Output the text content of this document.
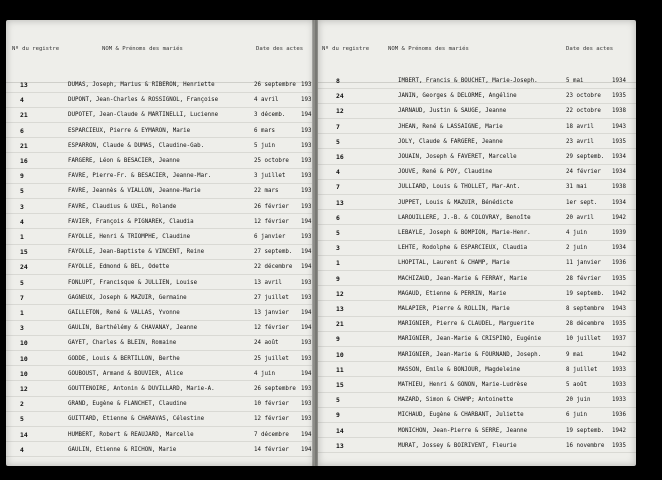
Nº du registre	NOM & Prénoms des mariés	Date des actes
13	DUMAS, Joseph, Marius & RIBERON, Henriette	26 septembre 193
4	DUPONT, Jean-Charles & ROSSIGNOL, Françoise	4 avril	193
21	DUPOTET, Jean-Claude & MARTINELLI, Lucienne	3 décemb.	194
6	ESPARCIEUX, Pierre & EYMARON, Marie	6 mars	193
21	ESPARRON, Claude & DUMAS, Claudine-Gab.	5 juin	193
16	FARGERE, Léon & BESACIER, Jeanne	25 octobre 193
9	FAVRE, Pierre-Fr. & BESACIER, Jeanne-Mar.	3 juillet	193
5	FAVRE, Jeannès & VIALLON, Jeanne-Marie	22 mars	193
3	FAVRE, Claudius & UXEL, Rolande	26 février 193
4	FAVIER, François & PIGNAREK, Claudia	12 février 194
1	FAYOLLE, Henri & TRIOMPHE, Claudine	6 janvier	193
15	FAYOLLE, Jean-Baptiste & VINCENT, Reine	27 septemb. 194
24	FAYOLLE, Edmond & BEL, Odette	22 décembre 194
5	FONLUPT, Francisque & JULLIEN, Louise	13 avril	193
7	GAGNEUX, Joseph & MAZUIR, Germaine	27 juillet 193
1	GAILLETON, René & VALLAS, Yvonne	13 janvier 194
3	GAULIN, Barthélémy & CHAVANAY, Jeanne	12 février 194
10	GAYET, Charles & BLEIN, Romaine	24 août	193
10	GODDE, Louis & BERTILLON, Berthe	25 juillet 193
10	GOUBOUST, Armand & BOUVIER, Alice	4 juin	194
12	GOUTTENOIRE, Antonin & DUVILLARD, Marie-A.	26 septembre 193
2	GRAND, Eugène & FLANCHET, Claudine	10 février 193
5	GUITTARD, Etienne & CHARAVAS, Célestine	12 février 193
14	HUMBERT, Robert & REAUJARD, Marcelle	7 décembre 194
4	GAULIN, Etienne & RICHON, Marie	14 février 194
Nº du registre	NOM & Prénoms des mariés	Date des actes
8	IMBERT, Francis & BOUCHET, Marie-Joseph.	5 mai	1934
24	JANIN, Georges & DELORME, Angéline	23 octobre 1935
12	JARNAUD, Justin & SAUGE, Jeanne	22 octobre 1938
7	JHEAN, René & LASSAIGNE, Marie	18 avril	1943
5	JOLY, Claude & FARGERE, Jeanne	23 avril	1935
16	JOUAIN, Joseph & FAVERET, Marcelle	29 septemb. 1934
4	JOUVE, René & POY, Claudine	24 février 1934
7	JULLIARD, Louis & THOLLET, Mar-Ant.	31 mai	1938
13	JUPPET, Louis & MAZUIR, Bénédicte	1er sept.	1934
6	LAROUILLERE, J.-B. & COLOVRAY, Benoîte	20 avril	1942
5	LEBAYLE, Joseph & BOMPION, Marie-Henr.	4 juin	1939
3	LEHTE, Rodolphe & ESPARCIEUX, Claudia	2 juin	1934
1	LHOPITAL, Laurent & CHAMP, Marie	11 janvier 1936
9	MACHIZAUD, Jean-Marie & FERRAY, Marie	28 février 1935
12	MAGAUD, Etienne & PERRIN, Marie	19 septemb. 1942
13	MALAPIER, Pierre & ROLLIN, Marie	8 septembre 1943
21	MARIGNIER, Pierre & CLAUDEL, Marguerite	28 décembre 1935
9	MARIGNIER, Jean-Marie & CRISPINO, Eugénie	10 juillet 1937
10	MARIGNIER, Jean-Marie & FOURNAND, Joseph.	9 mai	1942
11	MASSON, Emile & BONJOUR, Magdeleine	8 juillet	1933
15	MATHIEU, Henri & GONON, Marie-Ludrèse	5 août	1933
5	MAZARD, Simon & CHAMP; Antoinette	20 juin	1933
9	MICHAUD, Eugène & CHARBANT, Juliette	6 juin	1936
14	MONICHON, Jean-Pierre & SERRE, Jeanne	19 septemb. 1942
13	MURAT, Jossey & BOIRIVENT, Fleurie	16 novembre 1935
